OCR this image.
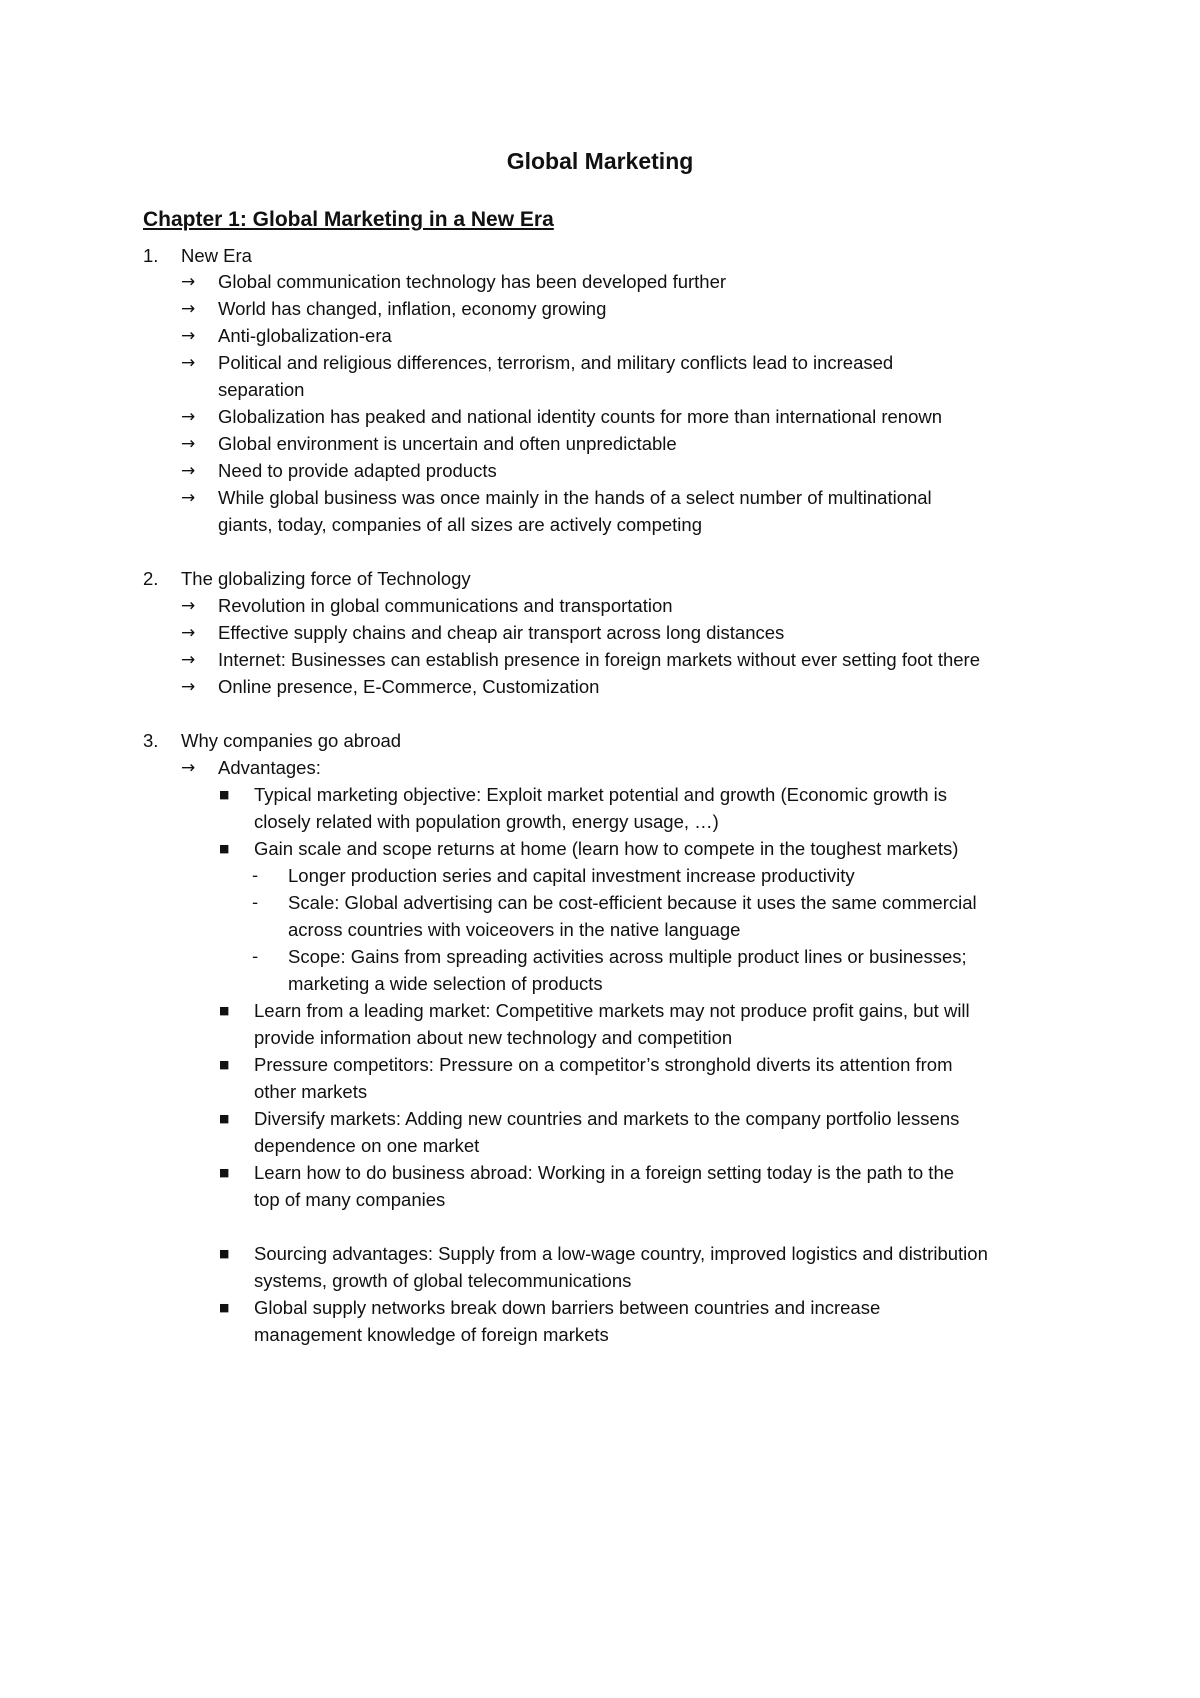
Global Marketing
Chapter 1: Global Marketing in a New Era
1. New Era
→ Global communication technology has been developed further
→ World has changed, inflation, economy growing
→ Anti-globalization-era
→ Political and religious differences, terrorism, and military conflicts lead to increased
separation
→ Globalization has peaked and national identity counts for more than international renown
→ Global environment is uncertain and often unpredictable
→ Need to provide adapted products
→ While global business was once mainly in the hands of a select number of multinational
giants, today, companies of all sizes are actively competing
2. The globalizing force of Technology
→ Revolution in global communications and transportation
→ Effective supply chains and cheap air transport across long distances
→ Internet: Businesses can establish presence in foreign markets without ever setting foot there
→ Online presence, E-Commerce, Customization
3. Why companies go abroad
→ Advantages:
■ Typical marketing objective: Exploit market potential and growth (Economic growth is
closely related with population growth, energy usage, …)
■ Gain scale and scope returns at home (learn how to compete in the toughest markets)
- Longer production series and capital investment increase productivity
- Scale: Global advertising can be cost-efficient because it uses the same commercial
across countries with voiceovers in the native language
- Scope: Gains from spreading activities across multiple product lines or businesses;
marketing a wide selection of products
■ Learn from a leading market: Competitive markets may not produce profit gains, but will
provide information about new technology and competition
■ Pressure competitors: Pressure on a competitor’s stronghold diverts its attention from
other markets
■ Diversify markets: Adding new countries and markets to the company portfolio lessens
dependence on one market
■ Learn how to do business abroad: Working in a foreign setting today is the path to the
top of many companies
■ Sourcing advantages: Supply from a low-wage country, improved logistics and distribution
systems, growth of global telecommunications
■ Global supply networks break down barriers between countries and increase
management knowledge of foreign markets
